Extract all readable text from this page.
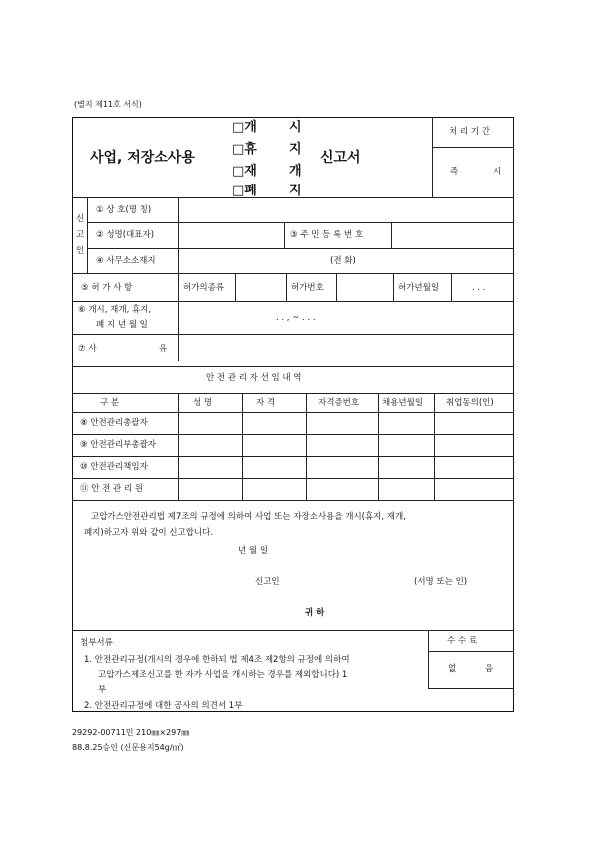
(별지 제11호 서식)
사업, 저장소사용
□개 시
□휴 지
□재 개
□폐 지
신고서
처 리 기 간
즉	시
신
고
인
① 상 호(명 칭)
② 성명(대표자)	③ 주 민 등 록 번 호
④ 사무소소재지	(전 화)
⑤ 허 가 사 항	허가의종류	허가번호	허가년월일	. . .
⑥ 개시, 재개, 휴지,
폐 지 년 월 일
. . , ~ . . .
⑦ 사	유
안 전 관 리 자 선 임 내 역
구 분	성 명	자 격	자격증번호	채용년월일	취업동의(인)
⑧ 안전관리총괄자
⑨ 안전관리부총괄자
⑩ 안전관리책임자
⑪ 안 전 관 리 원
고압가스안전관리법 제7조의 규정에 의하여 사업 또는 자장소사용을 개시(휴지, 재개,
폐지)하고자 위와 같이 신고합니다.
년 월 일
신고인	(서명 또는 인)
귀 하
첨부서류
1. 안전관리규정(개시의 경우에 한하되 법 제4조 제2항의 규정에 의하여
고압가스제조신고를 한 자가 사업을 개시하는 경우를 제외합니다) 1
부
2. 안전관리규정에 대한 공사의 의견서 1부
수 수 료
없	음
29292-00711민 210㎜×297㎜
88.8.25승인 (신문용지54g/㎡)
